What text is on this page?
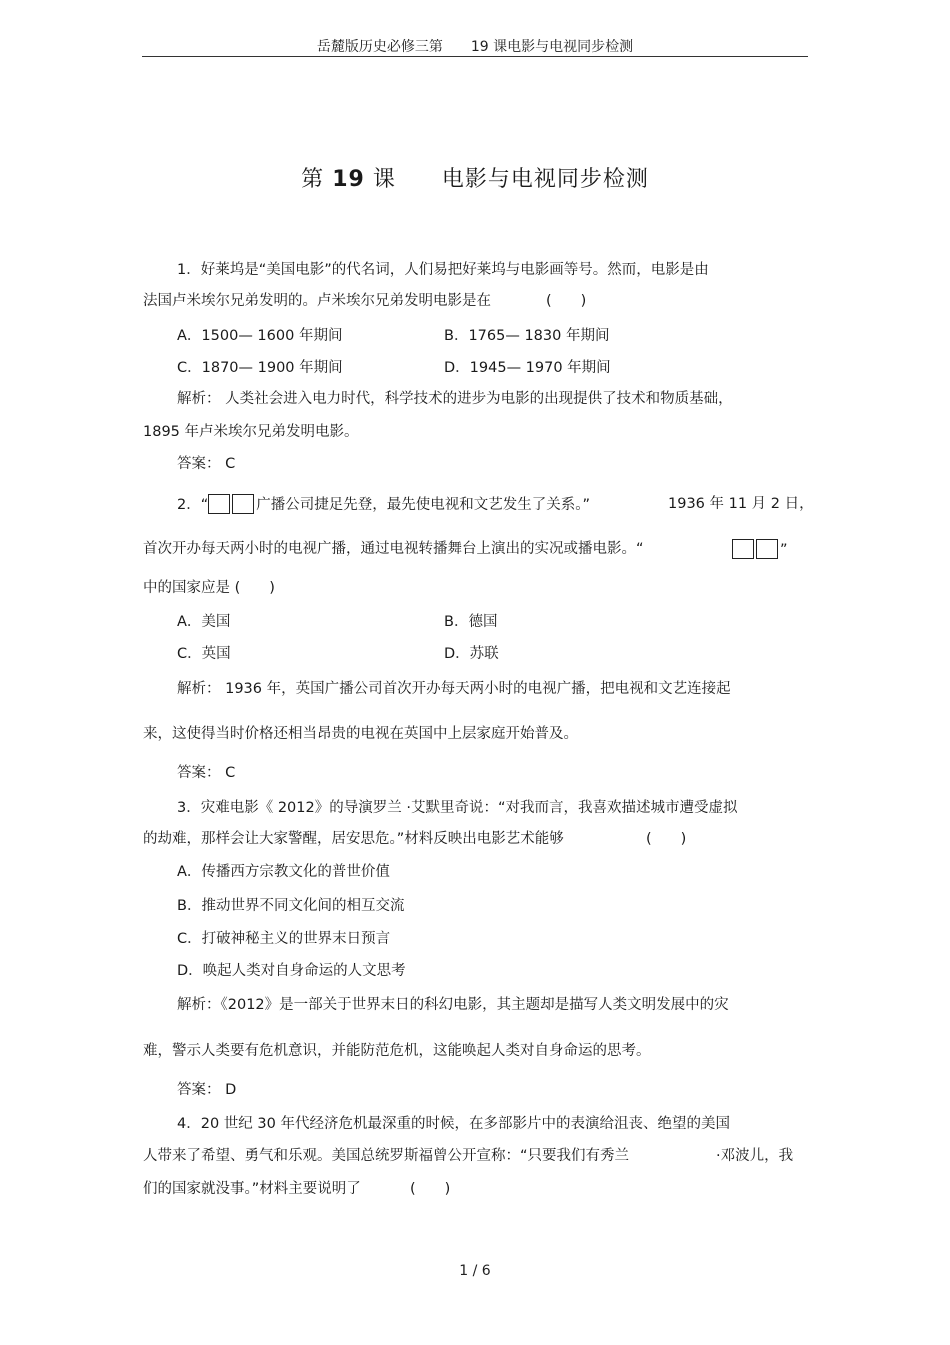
岳麓版历史必修三第　　19 课电影与电视同步检测
第 19 课　　电影与电视同步检测
1．好莱坞是“美国电影”的代名词，人们易把好莱坞与电影画等号。然而，电影是由
法国卢米埃尔兄弟发明的。卢米埃尔兄弟发明电影是在	(　　)
A．1500— 1600 年期间	B．1765— 1830 年期间
C．1870— 1900 年期间	D．1945— 1970 年期间
解析： 人类社会进入电力时代，科学技术的进步为电影的出现提供了技术和物质基础，
1895 年卢米埃尔兄弟发明电影。
答案： C
2．“	广播公司捷足先登，最先使电视和文艺发生了关系。”	1936 年 11 月 2 日，
首次开办每天两小时的电视广播，通过电视转播舞台上演出的实况或播电影。“	”
中的国家应是 (　　)
A．美国	B．德国
C．英国	D．苏联
解析： 1936 年，英国广播公司首次开办每天两小时的电视广播，把电视和文艺连接起
来，这使得当时价格还相当昂贵的电视在英国中上层家庭开始普及。
答案： C
3．灾难电影《 2012》的导演罗兰 ·艾默里奇说：“对我而言，我喜欢描述城市遭受虚拟
的劫难，那样会让大家警醒，居安思危。”材料反映出电影艺术能够	(　　)
A．传播西方宗教文化的普世价值
B．推动世界不同文化间的相互交流
C．打破神秘主义的世界末日预言
D．唤起人类对自身命运的人文思考
解析：《2012》是一部关于世界末日的科幻电影，其主题却是描写人类文明发展中的灾
难，警示人类要有危机意识，并能防范危机，这能唤起人类对自身命运的思考。
答案： D
4．20 世纪 30 年代经济危机最深重的时候，在多部影片中的表演给沮丧、绝望的美国
人带来了希望、勇气和乐观。美国总统罗斯福曾公开宣称：“只要我们有秀兰	·邓波儿，我
们的国家就没事。”材料主要说明了	(　　)
1 / 6
